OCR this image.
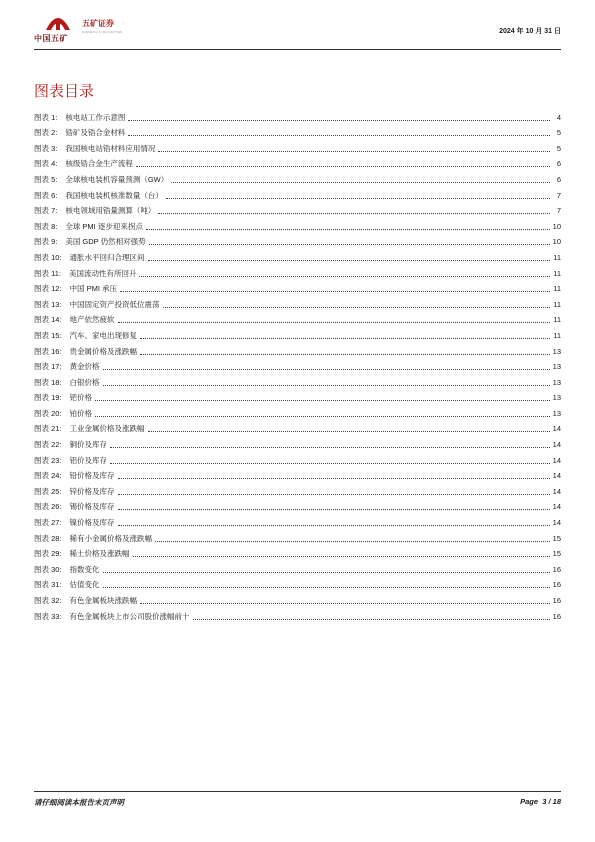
中国五矿
五矿证券
MINMETALS SECURITIES	2024 年 10 月 31 日
图表目录
图表 1: 核电站工作示意图	4
图表 2: 锆矿及锆合金材料	5
图表 3: 我国核电站锆材料应用情况	5
图表 4: 核级锆合金生产流程	6
图表 5: 全球核电装机容量预测（GW）	6
图表 6: 我国核电装机核准数量（台）	7
图表 7: 核电领域用锆量测算（吨）	7
图表 8: 全球 PMI 逐步迎来拐点	10
图表 9: 美国 GDP 仍然相对强势	10
图表 10: 通胀水平回归合理区间	11
图表 11: 美国流动性有所回升	11
图表 12: 中国 PMI 承压	11
图表 13: 中国固定资产投资低位震荡	11
图表 14: 地产依然疲软	11
图表 15: 汽车、家电出现修复	11
图表 16: 贵金属价格及涨跌幅	13
图表 17: 黄金价格	13
图表 18: 白银价格	13
图表 19: 钯价格	13
图表 20: 铂价格	13
图表 21: 工业金属价格及涨跌幅	14
图表 22: 铜价及库存	14
图表 23: 铝价及库存	14
图表 24: 铅价格及库存	14
图表 25: 锌价格及库存	14
图表 26: 锡价格及库存	14
图表 27: 镍价格及库存	14
图表 28: 稀有小金属价格及涨跌幅	15
图表 29: 稀土价格及涨跌幅	15
图表 30: 指数变化	16
图表 31: 估值变化	16
图表 32: 有色金属板块涨跌幅	16
图表 33: 有色金属板块上市公司股价涨幅前十	16
请仔细阅读本报告末页声明	Page 3 / 18
